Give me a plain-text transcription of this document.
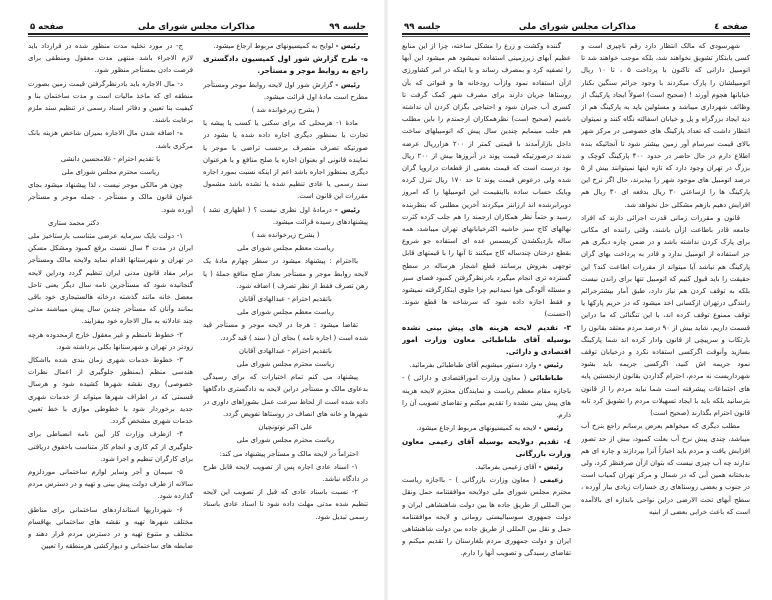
جلسه ۹۹
مذاکرات مجلس شورای ملی
صفحه ۵

رئیس - لوایح به کمیسیونهای مربوط ارجاع میشود.

ه- طرح گزارش شور اول کمیسیون دادگستری راجع به روابط موجر و مستأجر.

رئیس - گزارش شور اول لایحه روابط موجر ومستأجر مطرح است مادهٔ اول قرائت میشود.

( بشرح زیرخوانده شد )

مادهٔ ۱- هرمحلی که برای سکنی یا کسب یا پیشه یا تجارت یا بمنظور دیگری اجاره داده شده یا بشود در صورتیکه تصرف متصرف برحسب تراضی با موجر یا نماینده قانونی او بعنوان اجاره یا صلح منافع و یا هرعنوان دیگری بمنظور اجاره باشد اعم از اینکه نسبت بمورد اجاره سند رسمی یا عادی تنظیم شده یا نشده باشد مشمول مقررات این قانون است.

رئیس - درمادهٔ اول نظری نیست ؟ ( اظهاری نشد ) پیشنهادهای رسیده قرائت میشود.

( بشرح زیرخوانده شد )

ریاست معظم مجلس شورای ملی

بااحترام : پیشنهاد میشود در سطر چهارم مادهٔ یک لایحه روابط موجر و مستأجر بعداز صلح منافع جملهٔ ( یا رهن تصرف فقط از نظر تصرف ) اضافه شود.

باتقدیم احترام - عبدالهادی آقابان

ریاست معظم مجلس شورای ملی

تقاضا میشود : هرجا در لایحه موجر و مستأجر قید شده است ( اجاره نامه ) بجای آن ( سند ) قید گردد.

باتقدیم احترام - عبدالهادی آقابان

ریاست محترم مجلس شورای ملی

پیشنهاد می کنم تمام اختیارات که برای رسیدگی بدعاوی مالک و مستأجر دراین لایحه به دادگستری دادگاهها داده شده است از لحاظ سرعت عمل بشوراهای داوری در شهرها و خانه های انصاف در روستاها تفویض گردد.

علی اکبر توتونچیان

ریاست محترم مجلس شورای ملی

احتراماً در لایحه مالک و مستأجر پیشنهاد می کند:

۱- اسناد عادی اجاره پس از تصویب لایحه قابل طرح در دادگاه نباشد.

۲- نسبت باسناد عادی که قبل از تصویب این لایحه تنظیم شده مدتی مهلت داده شود تا اسناد عادی باسناد رسمی تبدیل شود.

ج- در مورد تخلیه مدت منظور شده در قرارداد باید لازم الاجراء باشد منتهی مدت معقول ومنطقی برای فرصت دادن بمستأجر منظور شود.

د- مال الاجاره باید بادرنظرگرفتن قیمت زمین بصورت منطقه ای که ماخذ مالیات است و مدت ساختمان بنا و کیفیت بنا تعیین و دفاتر اسناد رسمی در تنظیم سند ملزم برعایت باشند.

ه- اضافه شدن مال الاجاره بمیزان شاخص هزینه بانک مرکزی باشد.

با تقدیم احترام - غلامحسین دانشی

ریاست محترم مجلس شورای ملی

چون هر مالکی موجر نیست ، لذا پیشنهاد میشود بجای عنوان قانون مالک و مستأجر ، جمله موجر و مستأجر آورده شود.

دکتر محمد ستاری

۱- دولت بایک سرمایه عرضی متناسب بارستاخیز ملی ایران در مدت ۳ سال نسبت برفع کمبود ومشکل مسکن در تهران و شهرستانها اقدام نماید ولایحه مالک ومستأجر برابر مفاد قانون مدنی ایران تنظیم گردد ودراین لایحه گنجانیده شود که مستأجرین نامه سال دیگر یعنی تاحل معضل خانه مانند گذشته درخانه هالستیجاری خود باقی بمانند وآنان که مستأجر چندین سال پیش میباشند مدتی چند عادلانه به مال الاجاره خود بیفزایند.

۲- خطوط نامنظم و غیر معقول خارج ازمحدوده هرچه زودتر در تهران و شهرستانها بکلی برداشته شود.

۳- خطوط خدمات شهری زمان بندی شده بااشکال هندسی منظم (بمنظور جلوگیری از اعمال نظرات خصوصی) روی نقشه شهرها کشیده شود و هرسال قسمتی که در اطراف شهرها میتواند از خدمات شهری جدید برخوردار شود با خطوطی موازی با خط تعیین خدمات شهری مشخص گردد.

۴- ازطرف وزارت کار آیین نامه انضباطی برای جلوگیری از کم کاری و انجام کار متناسب باحقوق دریافتی برای کارگران تنظیم و اجرا شود.

۵- سیمان و آجر وسایر لوازم ساختمانی موردلزوم سالانه از طرف دولت پیش بینی و تهیه و در دسترس مردم گذارده شود.

۶- شهرداریها استانداردهای ساختمانی برای مناطق مختلف شهرها تهیه و نقشه های ساختمانی بهاقسام مختلف و متنوع تهیه و در دسترس مردم قرار دهند و ضابطه های ساختمانی و دیوارکشی هرمنطقه را تعیین

صفحه ٤
مذاکرات مجلس شورای ملی
جلسه ۹۹

شهرسودی که مالک انتظار دارد رقم ناچیزی است و کسی بابتکار تشویق نخواهند شد، بلکه موجب خواهند شد تا اتومبیل دارانی که تاکنون با پرداخت ۵ ، تا ۱۰ ریال اتومبیلشان را پارک میکردند با وجود جرائم سنگین بکنار خیابانها هجوم آورند ! (صحیح است) اصولاً ایجاد پارکینگ از وظائف شهرداری میباشد و مسئولین باید به پارکینگ هم از دید ایجاد بزرگراه و پل و خیابان اسفالته نگاه کنند و نمیتوان انتظار داشت که تعداد پارکینگ های خصوصی در مرکز شهر بالای قیمت سرسام آور زمین بیشتر شود تا آنجائیکه بنده اطلاع دارم در حال حاضر در حدود ۴۰۰ پارکینگ کوچک و بزرگ در تهران وجود دارد که تازه اینها نمیتوانند بیش از ۵ درصد اتومبیل های موجود شهر را بپذیرند، حال اگر نرخ این پارکینگ ها را ازساعتی ۳۰ ریال بدفعه ای ۳۰ ریال هم افزایش دهیم بازهم مشکلی حل نخواهد شد.

قانون و مقررات زمانی قدرت اجرائی دارند که افراد جامعه قادر باطاعت ازآن باشند، وقتی راننده ای مکانی برای پارک کردن نداشته باشد و در ضمن چاره دیگری هم جز استفاده از اتومبیل ندارد و قادر به پرداخت بهای گران پارکینگ هم نباشد آیا میتواند از مقررات اطاعت کند؟ این حقیقت را باید قبول کنیم که اتومبیل تنها برای راندن نیست بلکه به توقف کردن هم نیاز دارد، طبق آمار بیشترجرائم رانندگی درتهران ازکسانی اخذ میشود که در حریم پارکها یا توقف ممنوع توقف کرده اند، با این تنگنائی که ما دراین قسمت داریم، شاید بیش از ۹۰ درصد مردم معتقد بقانون را بارتکاب و سرپیچی از قانون وادار کرده اند شما پارکینگ بسازید وآنوقت اگرکسی استفاده نکرد و درخیابان توقف نمود جریمه اش کنید، اگرکسی جریمه باید بشود شهرداریست نه مردم، احترام گذاردن بقانون ازنخستین پایه های اجتماعات پیشرفته است شما نباید مردم را از قانون بترسانید بلکه باید با ایجاد تسهیلات مردم را تشویق کرد تابه قانون احترام بگذارند (صحیح است)

مطلب دیگری که میخواهم بعرض برسانم راجع بنرخ آب میباشد، چندی پیش نرخ آب بعلت کمبود، بیش از حد تصور افزایش یافت و مردم باید اجباراً آنرا بپردازند و چاره ای هم ندارند چه آب چیزی نیست که بتوان ازآن صرفنظر کرد، ولی بدبختانه همین آبی که در شمال و مرکز تهران کمیاب است در جنوب و بعضی روستاهای ری خسارات زیادی ببار آورده ، سطح آبهای تحت الارضی دراین نواحی باندازه ای بالاآمده است که باعث خرابی بعضی از ابنیه

گننده وکشت و زرع را مشکل ساخته، چرا از این منابع عظیم آبهای زیرزمینی استفاده نمیشود هم میشود این آبها را تصفیه کرد و بمصرف رساند و یا اینکه در امر کشاورزی ازآن استفاده نمود وازآب رودخانه ها و قنواتی که بآن روستاها جریان دارند برای مصرف شهر کمک گرفت تا کسری آب جبران شود و احتیاجی بگران کردن آن نداشته باشیم (صحیح است) نظرهمکاران ارجمندم را باین مطلب هم جلب مینمایم چندین سال پیش که اتومبیلهای ساخت داخل بازارآمدند با قیمتی کمتر از ۲۰۰ هزارریال عرضه شدند درصورتیکه قیمت پوند در آنروزها بیش از ۲۰۰ ریال بود درست است که قیمت بعضی از قطعات دراروپا گران شده ولی درعوض قیمت پوند تا حد ۱۷۰ ریال تنزل کرده وبایک حساب ساده بااینقیمت این اتومبیلها را که امروز دوبرابرشده اند ارزانتر میکردند آخرین مطلبی که بنظربنده رسید و حتماً نظر همکاران ارجمند را هم جلب کرده کثرت نهالهای کاج سبز حاشیه اکثرخیابانهای تهران میباشد، همه ساله بازدیکشدن کریسمس عده ای استفاده جو شروع بقطع درختان چندساله کاج میکنند تا آنها را با قیمتهای قابل توجهی بفروش برسانند قطع اشجار هرساله در سطح گسترده تری انجام میگیرد بادرنظرگرفتن کمبود فضای سبز و مسئله آلودگی هوا نمیدانیم چرا جلوی اینکارگرفته نمیشود و فقط اجازه داده شود که سرشاخه ها قطع شوند. (احسنت)

۳- تقدیم لایحه هزینه های پیش بینی نشده بوسیله آقای طباطبائی معاون وزارت امور اقتصادی و دارائی.

رئیس - وارد دستور میشویم آقای طباطبائی بفرمائید.

طباطبائی ( معاون وزارت اموراقتصادی و دارائی ) - باجازه مقام معظم ریاست و نمایندگان محترم لایحه هزینه های پیش بینی نشده را تقدیم میکنم و تقاضای تصویب آن را دارم.

رئیس - لایحه به کمیسیونهای مربوط ارجاع میشود.

٤- تقدیم دولایحه بوسیله آقای زعیمی معاون وزارت بازرگانی

رئیس - آقای زعیمی بفرمائید.

زعیمی ( معاون وزارت بازرگانی ) - بااجازه ریاست محترم مجلس شورای ملی دولایحه موافقتنامه حمل ونقل بین المللی از طریق جاده ها بین دولت شاهنشاهی ایران و دولت جمهوری سوسیالیستی رومانی و لایحه موافقتنامه حمل و نقل بین المللی از طریق جاده بین دولت شاهنشاهی ایران و دولت جمهوری مردم بلغارستان را تقدیم میکنم و تقاضای رسیدگی و تصویب آنها را دارم.
